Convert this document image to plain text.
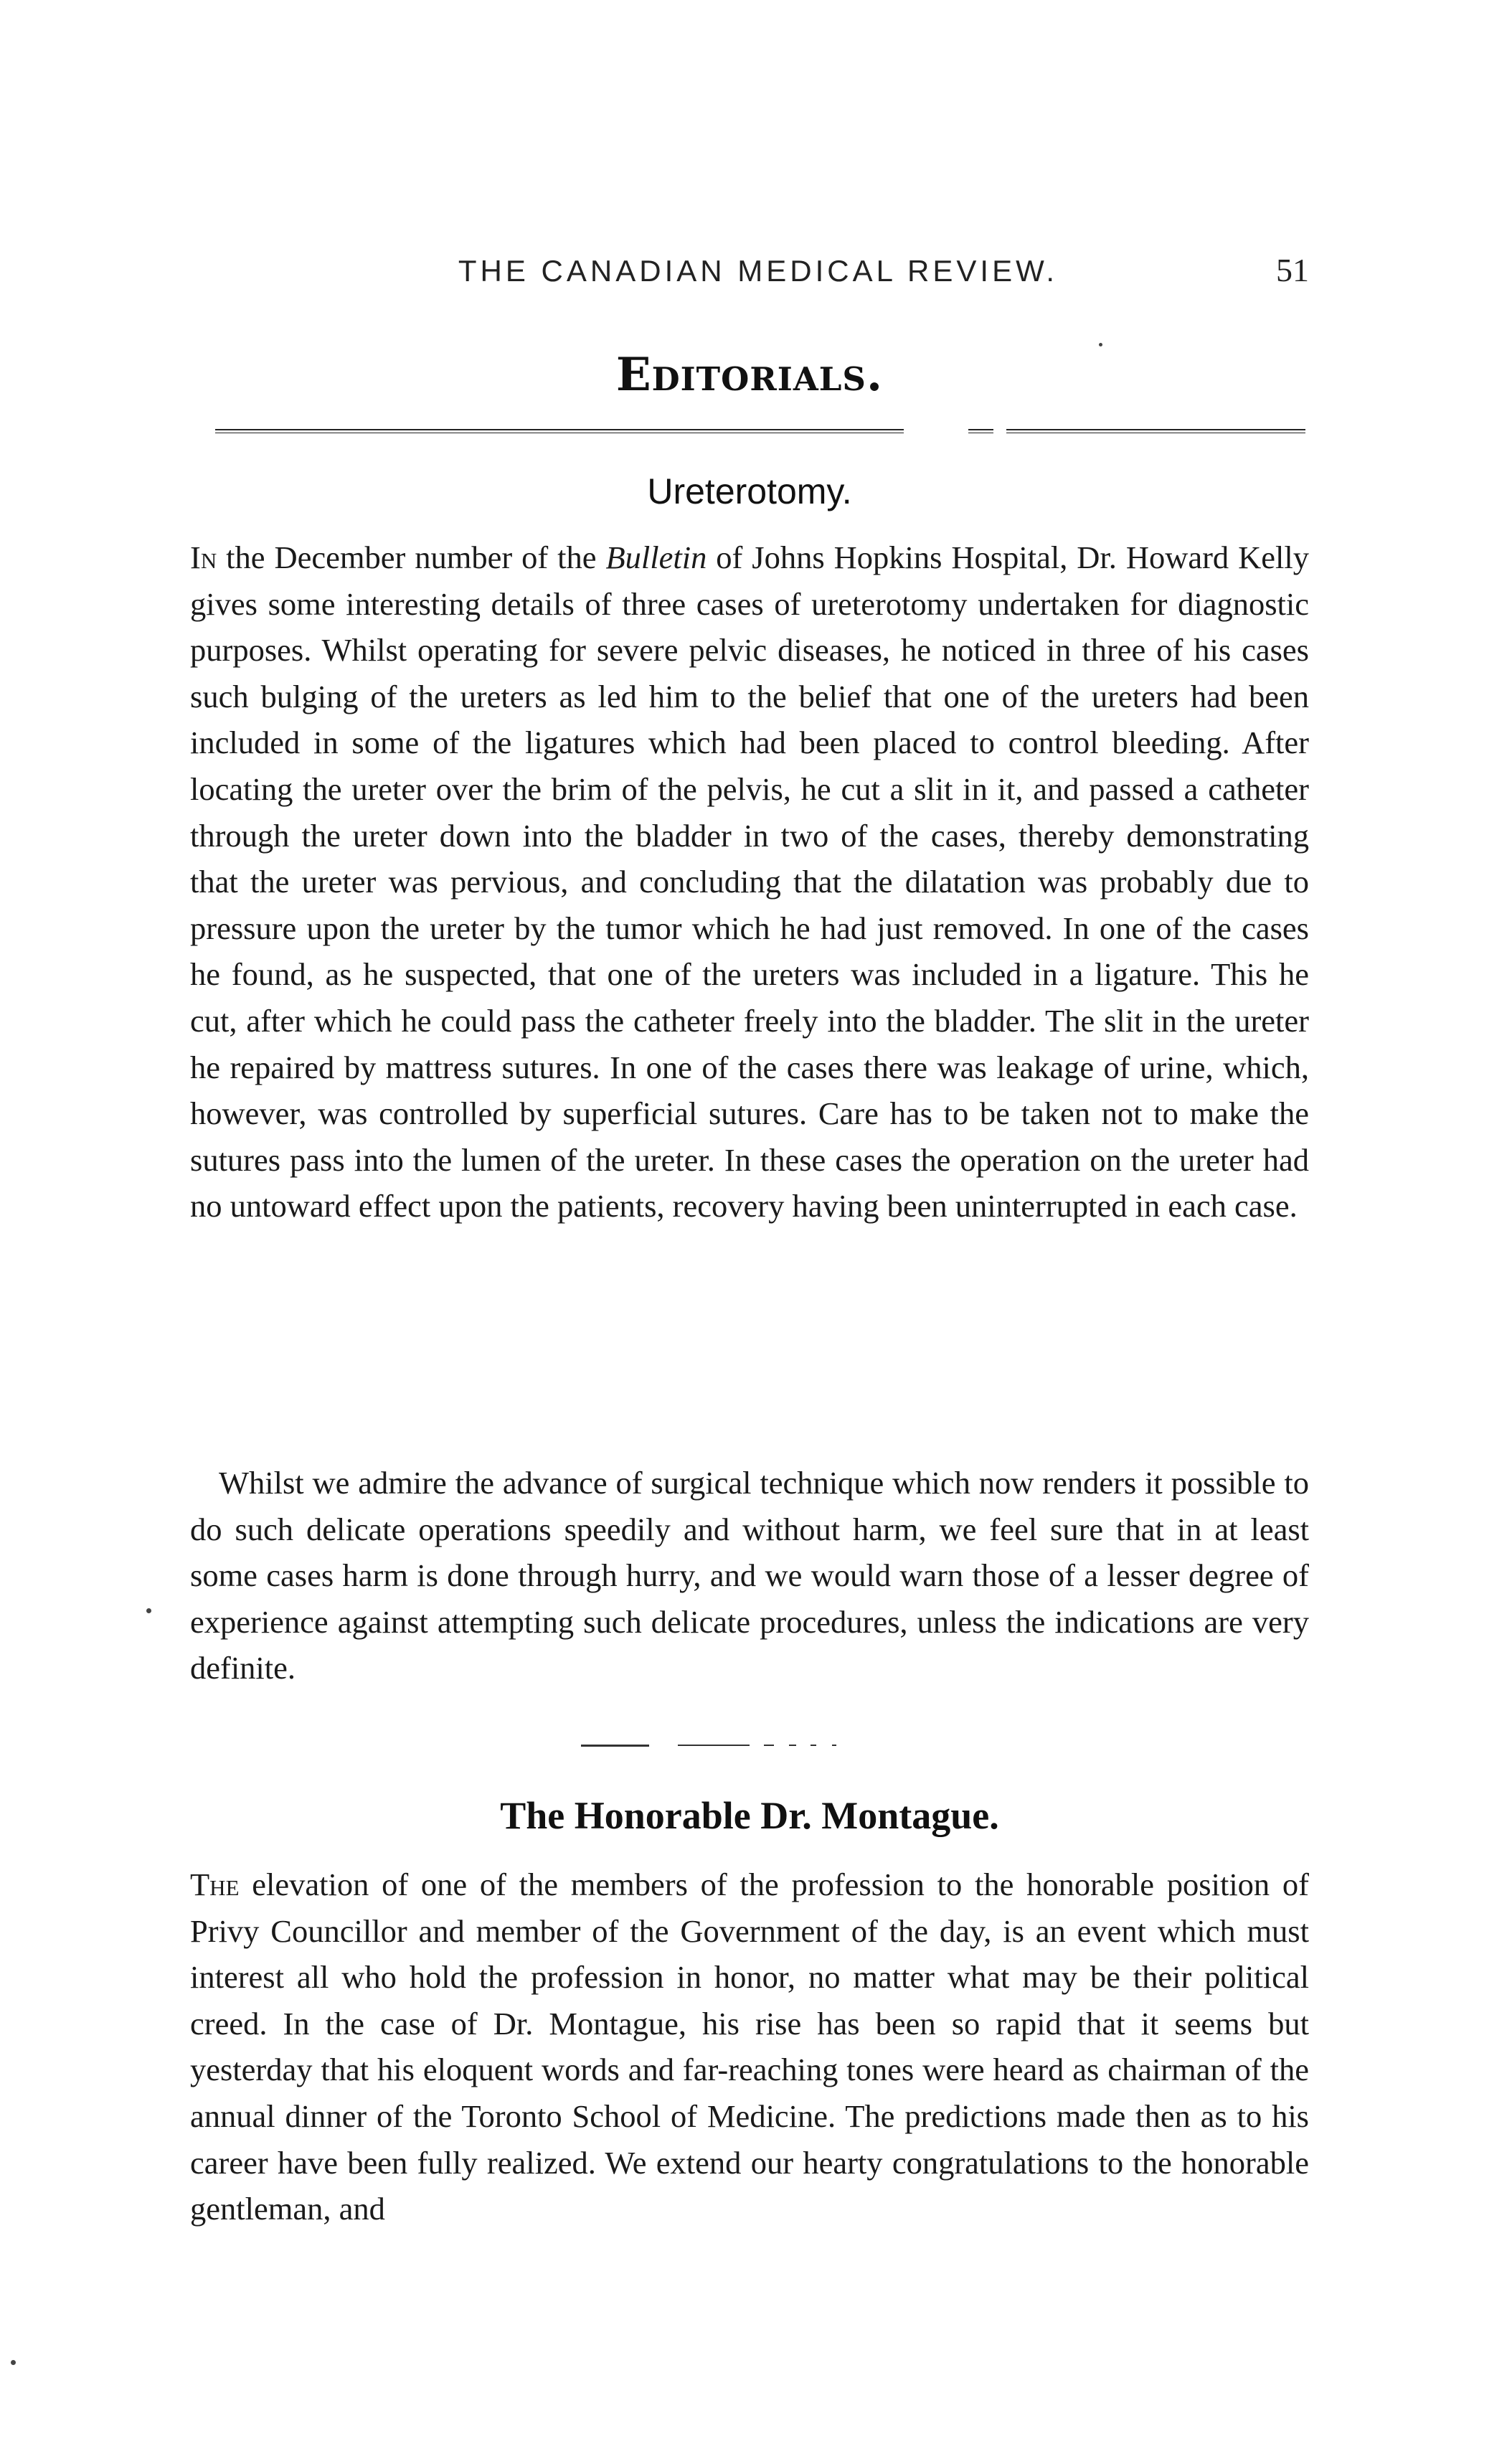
THE CANADIAN MEDICAL REVIEW.	51
Editorials.
Ureterotomy.

In the December number of the Bulletin of Johns Hopkins Hospital, Dr. Howard Kelly gives some interesting details of three cases of ureterotomy undertaken for diagnostic purposes. Whilst operating for severe pelvic diseases, he noticed in three of his cases such bulging of the ureters as led him to the belief that one of the ureters had been included in some of the ligatures which had been placed to control bleeding. After locating the ureter over the brim of the pelvis, he cut a slit in it, and passed a catheter through the ureter down into the bladder in two of the cases, thereby demonstrating that the ureter was pervious, and concluding that the dilatation was probably due to pressure upon the ureter by the tumor which he had just removed. In one of the cases he found, as he suspected, that one of the ureters was included in a ligature. This he cut, after which he could pass the catheter freely into the bladder. The slit in the ureter he repaired by mattress sutures. In one of the cases there was leakage of urine, which, however, was controlled by superficial sutures. Care has to be taken not to make the sutures pass into the lumen of the ureter. In these cases the operation on the ureter had no untoward effect upon the patients, recovery having been uninterrupted in each case.

Whilst we admire the advance of surgical technique which now renders it possible to do such delicate operations speedily and without harm, we feel sure that in at least some cases harm is done through hurry, and we would warn those of a lesser degree of experience against attempting such delicate procedures, unless the indications are very definite.

The Honorable Dr. Montague.

The elevation of one of the members of the profession to the honorable position of Privy Councillor and member of the Government of the day, is an event which must interest all who hold the profession in honor, no matter what may be their political creed. In the case of Dr. Montague, his rise has been so rapid that it seems but yesterday that his eloquent words and far-reaching tones were heard as chairman of the annual dinner of the Toronto School of Medicine. The predictions made then as to his career have been fully realized. We extend our hearty congratulations to the honorable gentleman, and
